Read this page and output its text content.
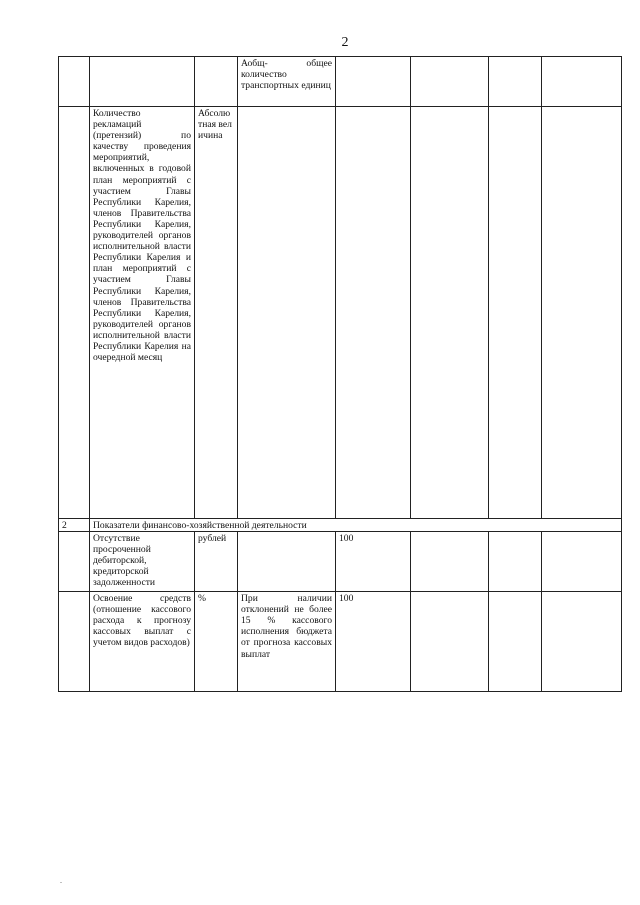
2
			Аобщ- общее количество транспортных единиц				
	Количество рекламаций (претензий) по качеству проведения мероприятий, включенных в годовой план мероприятий с участием Главы Республики Карелия, членов Правительства Республики Карелия, руководителей органов исполнительной власти Республики Карелия и план мероприятий с участием Главы Республики Карелия, членов Правительства Республики Карелия, руководителей органов исполнительной власти Республики Карелия на очередной месяц	Абсолютная величина					
2	Показатели финансово-хозяйственной деятельности						
	Отсутствие просроченной дебиторской, кредиторской задолженности	рублей		100			
	Освоение средств (отношение кассового расхода к прогнозу кассовых выплат с учетом видов расходов)	%	При наличии отклонений не более 15 % кассового исполнения бюджета от прогноза кассовых выплат	100			
-
